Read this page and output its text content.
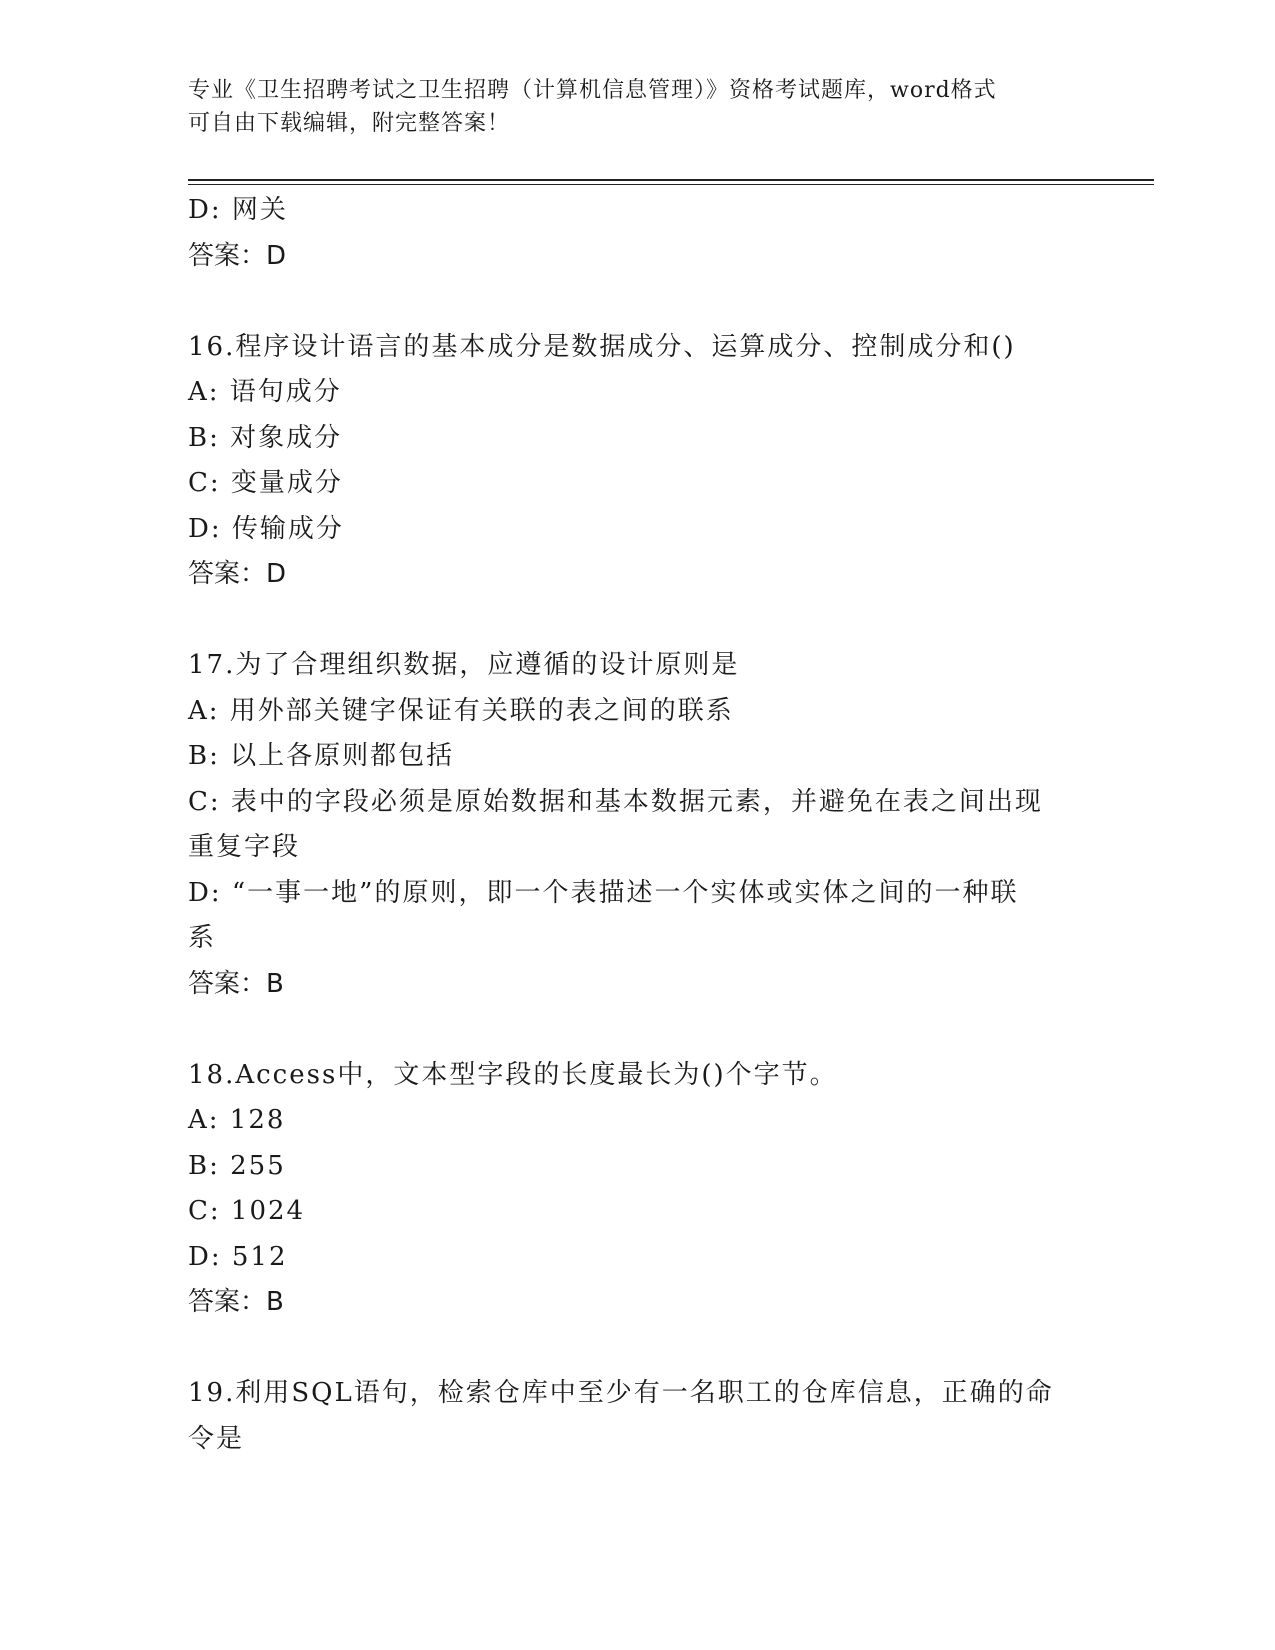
专业《卫生招聘考试之卫生招聘（计算机信息管理）》资格考试题库，word格式
可自由下载编辑，附完整答案！
D: 网关
答案：D
16.程序设计语言的基本成分是数据成分、运算成分、控制成分和()
A: 语句成分
B: 对象成分
C: 变量成分
D: 传输成分
答案：D
17.为了合理组织数据，应遵循的设计原则是
A: 用外部关键字保证有关联的表之间的联系
B: 以上各原则都包括
C: 表中的字段必须是原始数据和基本数据元素，并避免在表之间出现
重复字段
D: “一事一地”的原则，即一个表描述一个实体或实体之间的一种联
系
答案：B
18.Access中，文本型字段的长度最长为()个字节。
A: 128
B: 255
C: 1024
D: 512
答案：B
19.利用SQL语句，检索仓库中至少有一名职工的仓库信息，正确的命
令是
